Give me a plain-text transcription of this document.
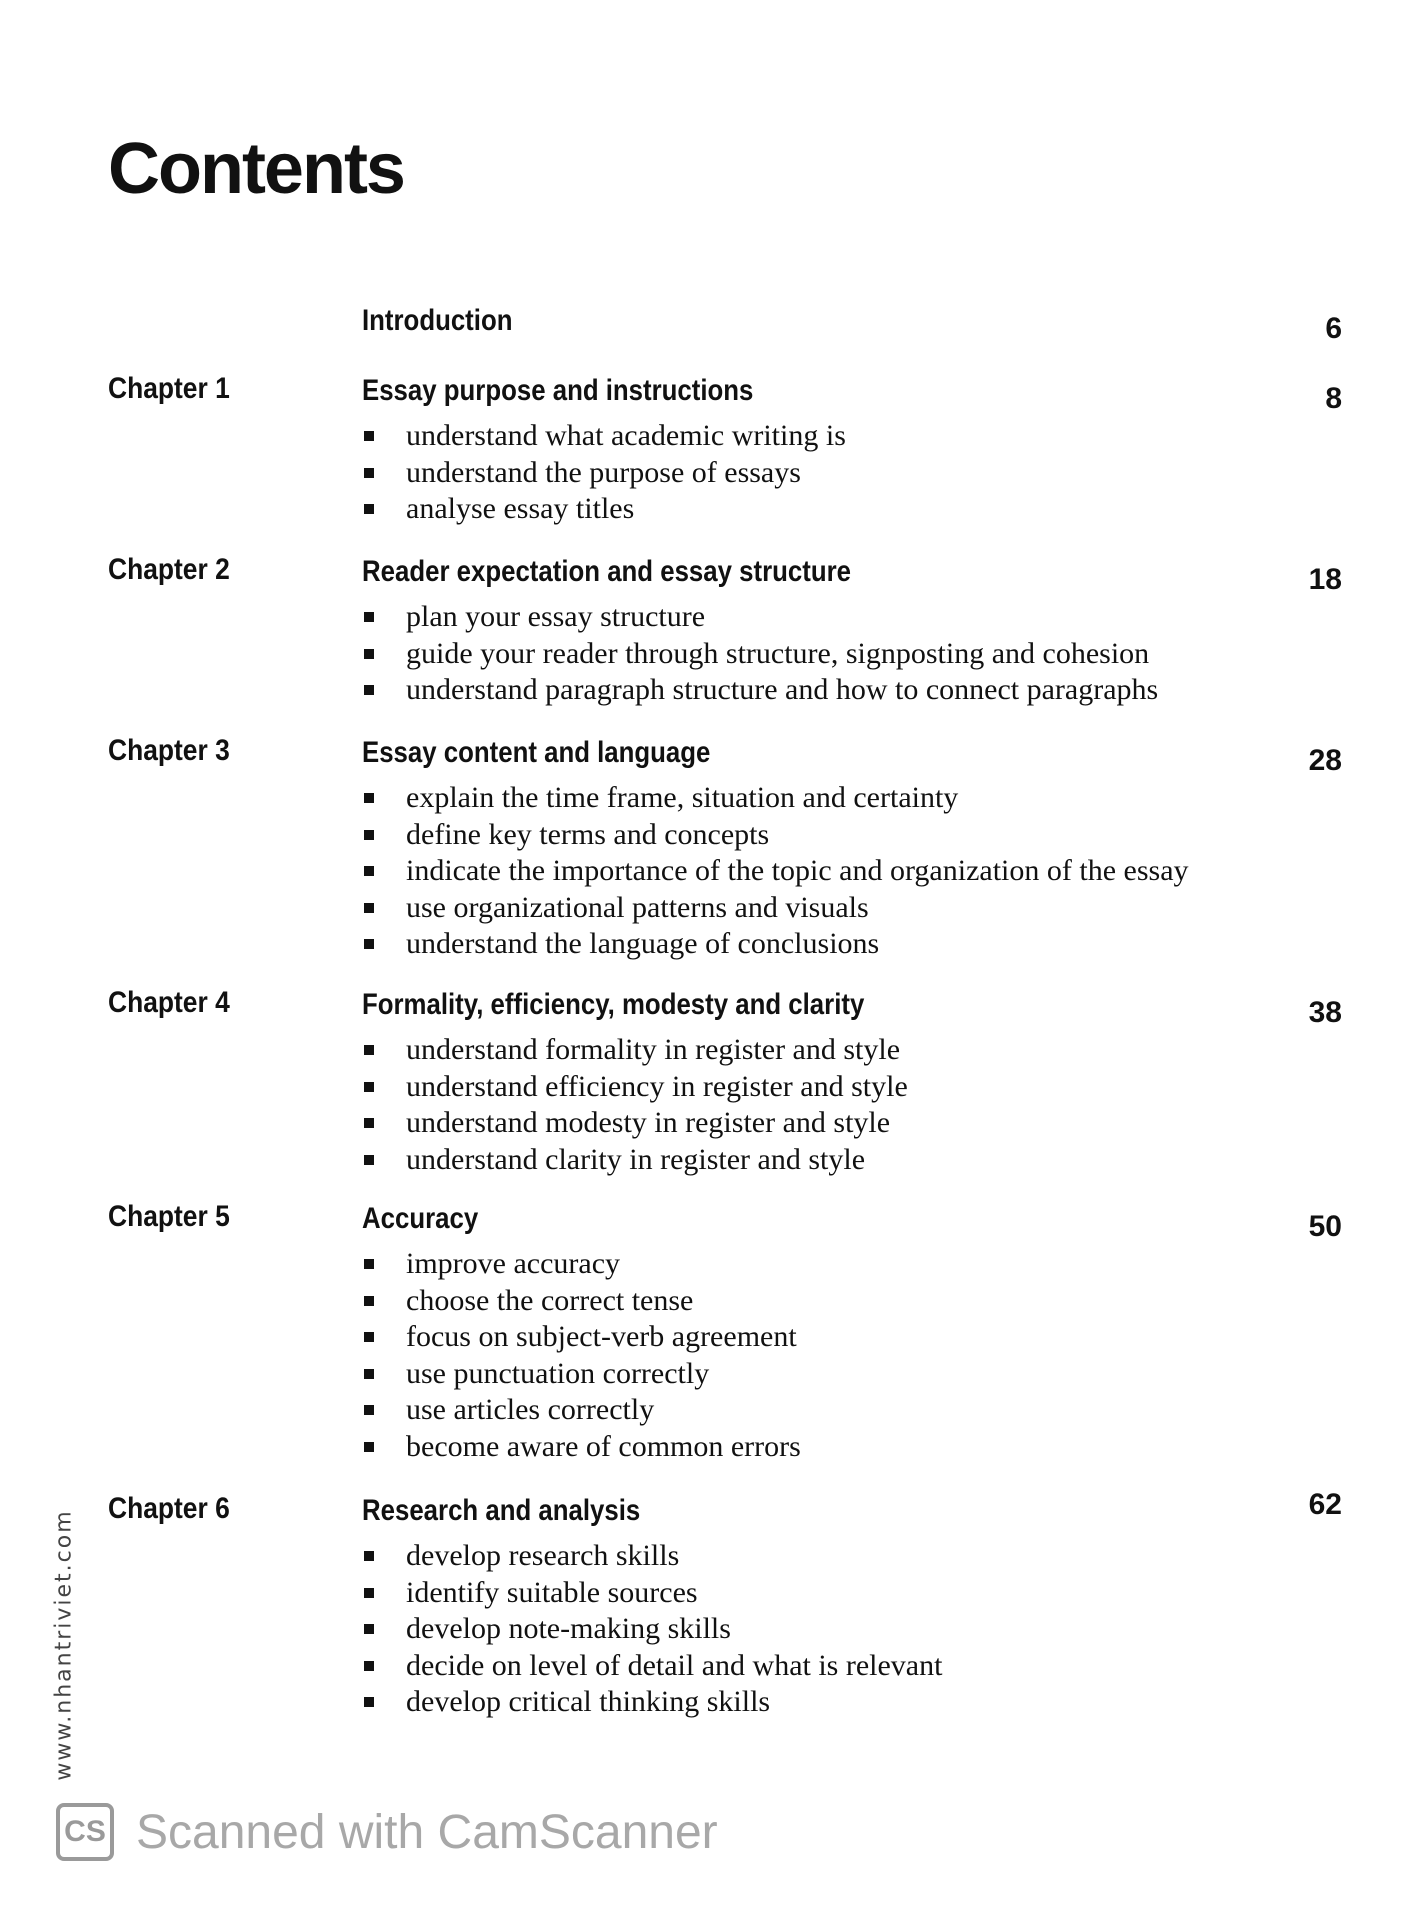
Contents
Introduction	6
Chapter 1	Essay purpose and instructions	8
understand what academic writing is
understand the purpose of essays
analyse essay titles
Chapter 2	Reader expectation and essay structure	18
plan your essay structure
guide your reader through structure, signposting and cohesion
understand paragraph structure and how to connect paragraphs
Chapter 3	Essay content and language	28
explain the time frame, situation and certainty
define key terms and concepts
indicate the importance of the topic and organization of the essay
use organizational patterns and visuals
understand the language of conclusions
Chapter 4	Formality, efficiency, modesty and clarity	38
understand formality in register and style
understand efficiency in register and style
understand modesty in register and style
understand clarity in register and style
Chapter 5	Accuracy	50
improve accuracy
choose the correct tense
focus on subject-verb agreement
use punctuation correctly
use articles correctly
become aware of common errors
Chapter 6	Research and analysis	62
develop research skills
identify suitable sources
develop note-making skills
decide on level of detail and what is relevant
develop critical thinking skills
www.nhantriviet.com
CS Scanned with CamScanner
